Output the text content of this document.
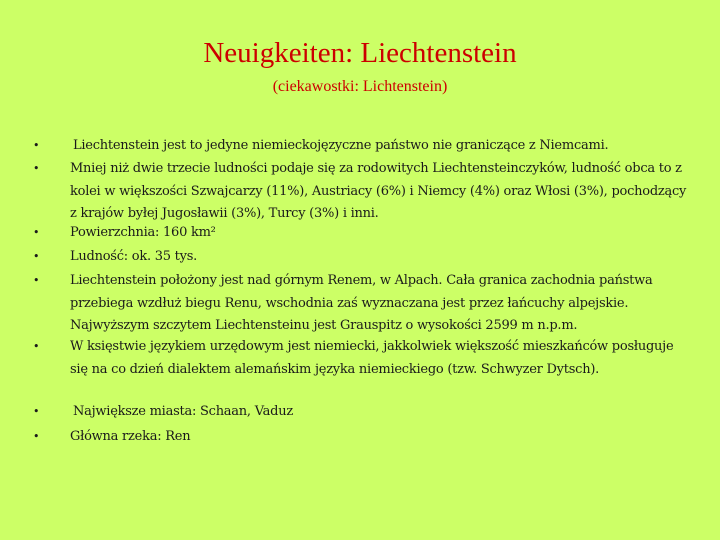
Neuigkeiten: Liechtenstein
(ciekawostki: Lichtenstein)
•	Liechtenstein jest to jedyne niemieckojęzyczne państwo nie graniczące z Niemcami.
• Mniej niż dwie trzecie ludności podaje się za rodowitych Liechtensteinczyków, ludność obca to z kolei w większości Szwajcarzy (11%), Austriacy (6%) i Niemcy (4%) oraz Włosi (3%), pochodzący z krajów byłej Jugosławii (3%), Turcy (3%) i inni.
• Powierzchnia: 160 km²
• Ludność: ok. 35 tys.
• Liechtenstein położony jest nad górnym Renem, w Alpach. Cała granica zachodnia państwa przebiega wzdłuż biegu Renu, wschodnia zaś wyznaczana jest przez łańcuchy alpejskie. Najwyższym szczytem Liechtensteinu jest Grauspitz o wysokości 2599 m n.p.m.
• W księstwie językiem urzędowym jest niemiecki, jakkolwiek większość mieszkańców posługuje się na co dzień dialektem alemańskim języka niemieckiego (tzw. Schwyzer Dytsch).
•	Największe miasta: Schaan, Vaduz
• Główna rzeka: Ren
